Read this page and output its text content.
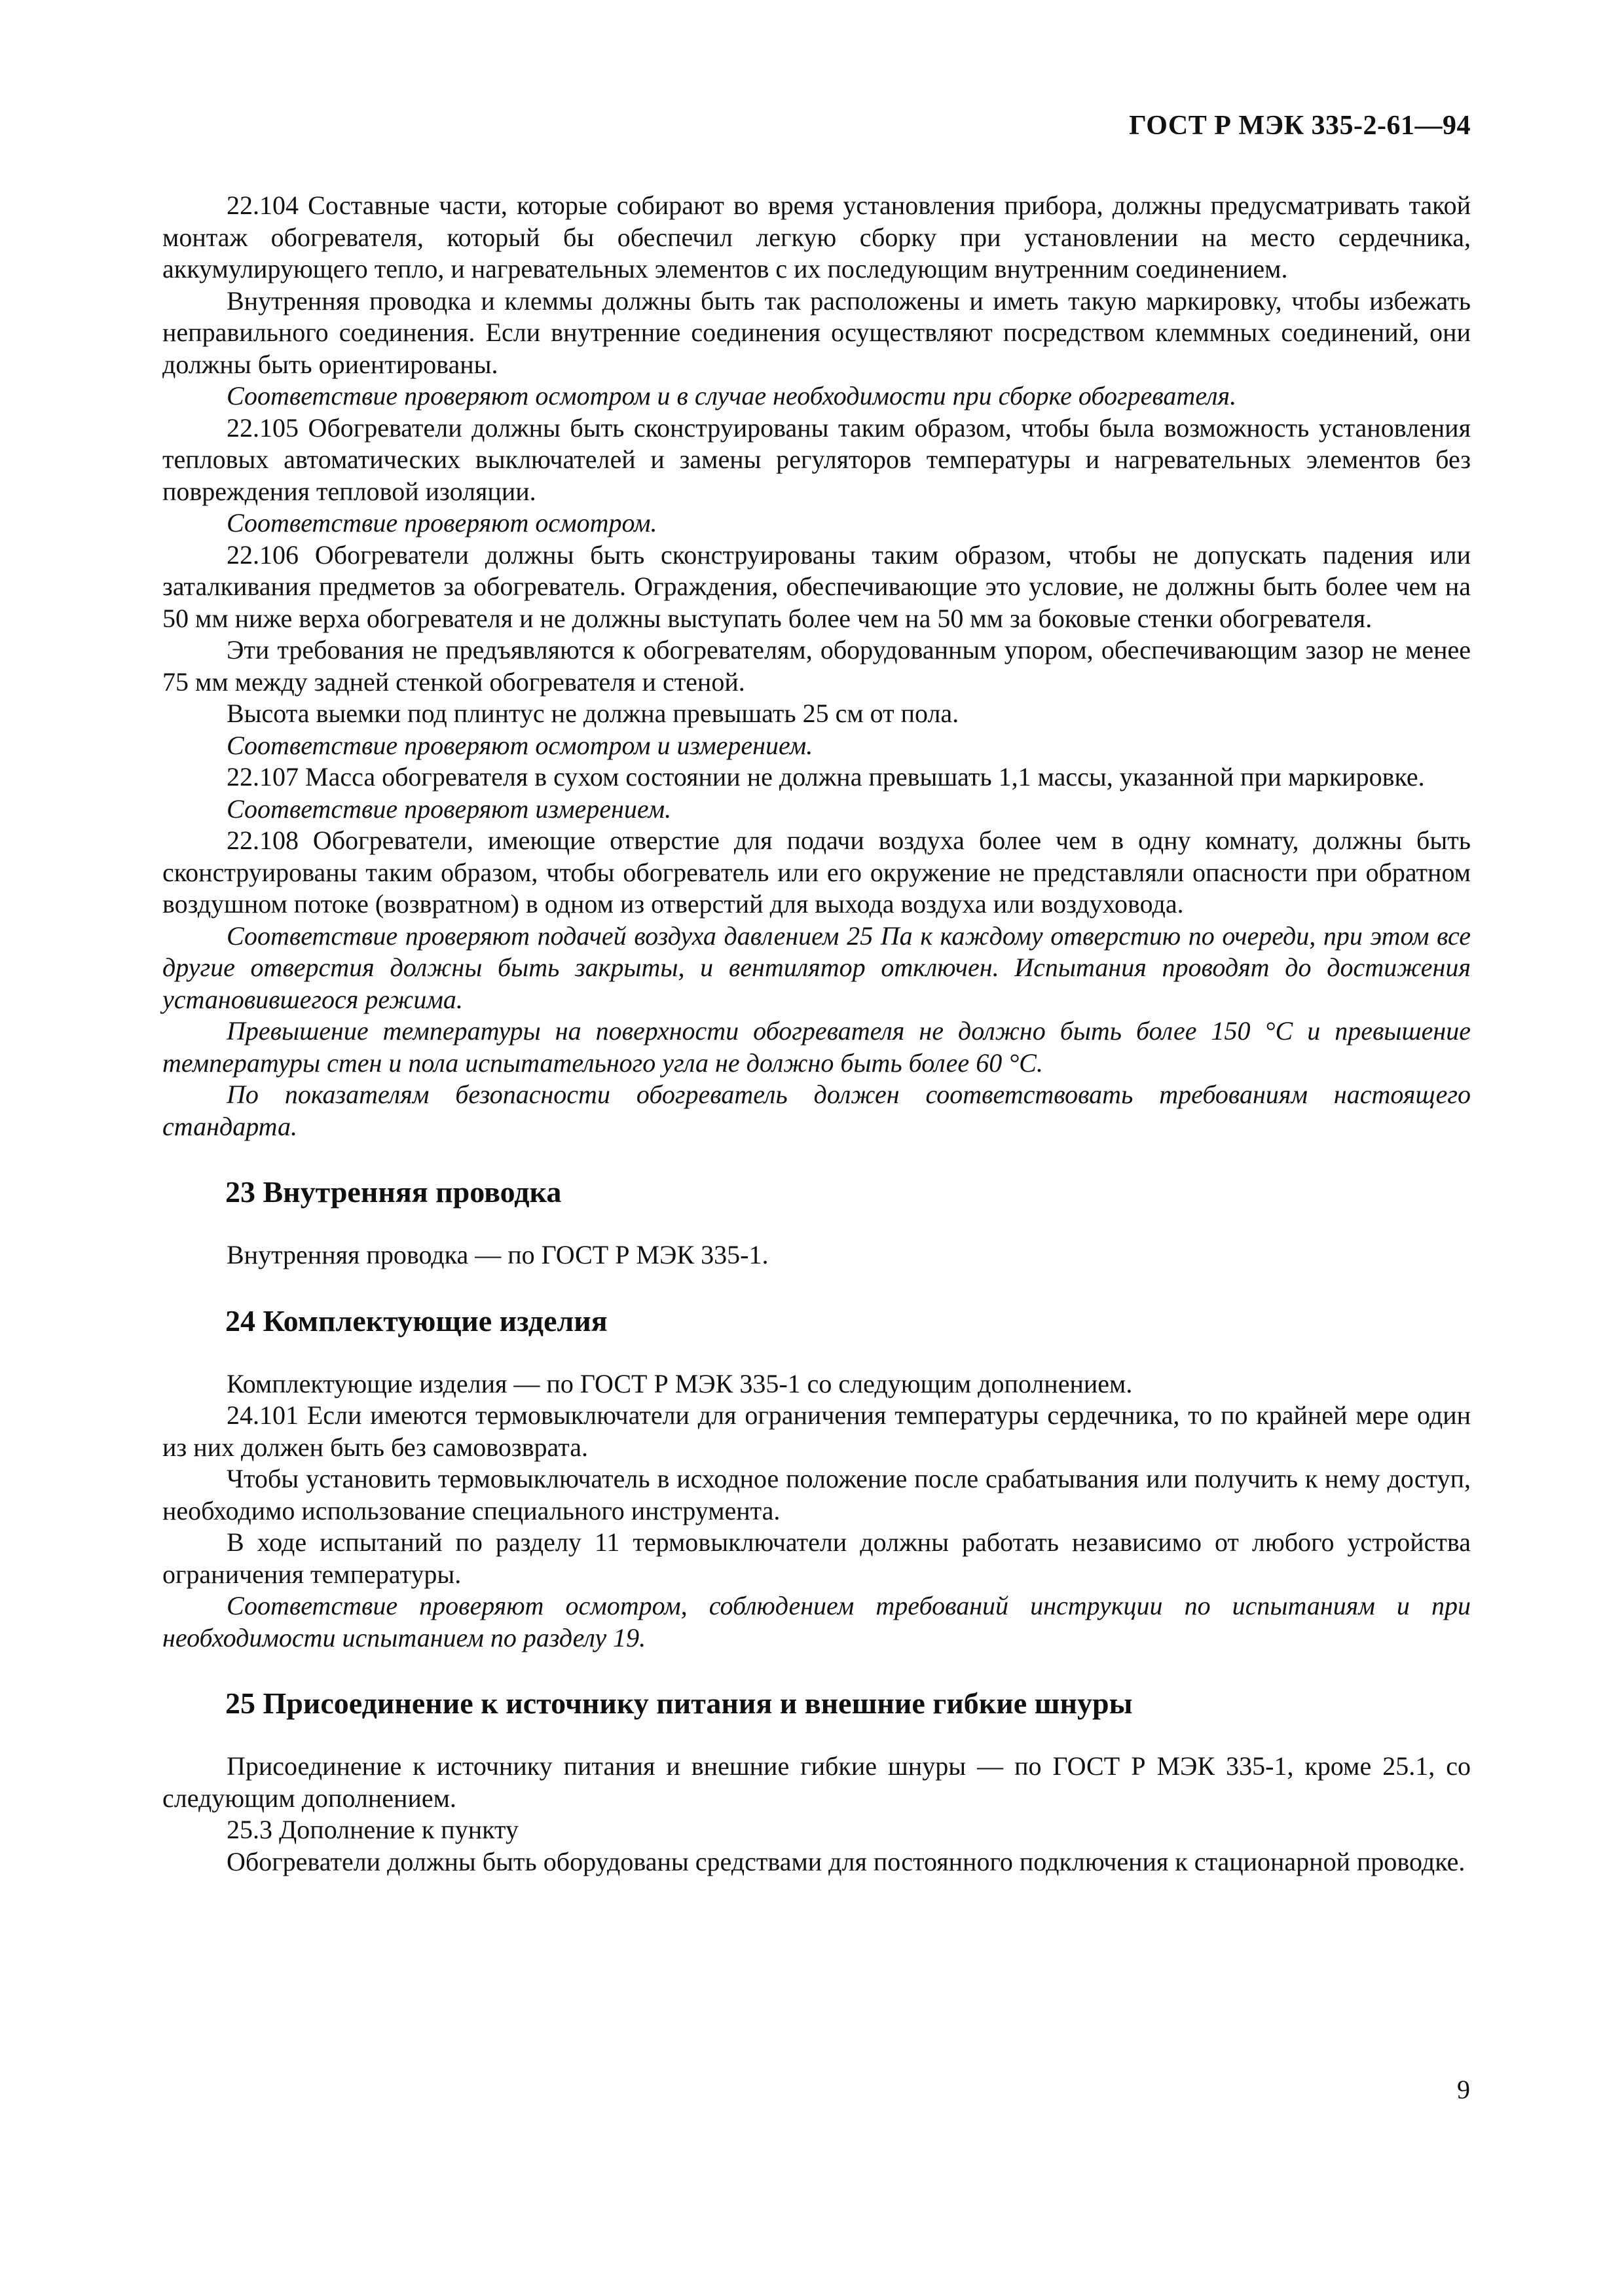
ГОСТ Р МЭК 335-2-61—94

22.104 Составные части, которые собирают во время установления прибора, должны предусматривать такой монтаж обогревателя, который бы обеспечил легкую сборку при установлении на место сердечника, аккумулирующего тепло, и нагревательных элементов с их последующим внутренним соединением.

Внутренняя проводка и клеммы должны быть так расположены и иметь такую маркировку, чтобы избежать неправильного соединения. Если внутренние соединения осуществляют посредством клеммных соединений, они должны быть ориентированы.

Соответствие проверяют осмотром и в случае необходимости при сборке обогревателя.

22.105 Обогреватели должны быть сконструированы таким образом, чтобы была возможность установления тепловых автоматических выключателей и замены регуляторов температуры и нагревательных элементов без повреждения тепловой изоляции.

Соответствие проверяют осмотром.

22.106 Обогреватели должны быть сконструированы таким образом, чтобы не допускать падения или заталкивания предметов за обогреватель. Ограждения, обеспечивающие это условие, не должны быть более чем на 50 мм ниже верха обогревателя и не должны выступать более чем на 50 мм за боковые стенки обогревателя.

Эти требования не предъявляются к обогревателям, оборудованным упором, обеспечивающим зазор не менее 75 мм между задней стенкой обогревателя и стеной.

Высота выемки под плинтус не должна превышать 25 см от пола.

Соответствие проверяют осмотром и измерением.

22.107 Масса обогревателя в сухом состоянии не должна превышать 1,1 массы, указанной при маркировке.

Соответствие проверяют измерением.

22.108 Обогреватели, имеющие отверстие для подачи воздуха более чем в одну комнату, должны быть сконструированы таким образом, чтобы обогреватель или его окружение не представляли опасности при обратном воздушном потоке (возвратном) в одном из отверстий для выхода воздуха или воздуховода.

Соответствие проверяют подачей воздуха давлением 25 Па к каждому отверстию по очереди, при этом все другие отверстия должны быть закрыты, и вентилятор отключен. Испытания проводят до достижения установившегося режима.

Превышение температуры на поверхности обогревателя не должно быть более 150 °С и превышение температуры стен и пола испытательного угла не должно быть более 60 °С.

По показателям безопасности обогреватель должен соответствовать требованиям настоящего стандарта.

23 Внутренняя проводка

Внутренняя проводка — по ГОСТ Р МЭК 335-1.

24 Комплектующие изделия

Комплектующие изделия — по ГОСТ Р МЭК 335-1 со следующим дополнением.

24.101 Если имеются термовыключатели для ограничения температуры сердечника, то по крайней мере один из них должен быть без самовозврата.

Чтобы установить термовыключатель в исходное положение после срабатывания или получить к нему доступ, необходимо использование специального инструмента.

В ходе испытаний по разделу 11 термовыключатели должны работать независимо от любого устройства ограничения температуры.

Соответствие проверяют осмотром, соблюдением требований инструкции по испытаниям и при необходимости испытанием по разделу 19.

25 Присоединение к источнику питания и внешние гибкие шнуры

Присоединение к источнику питания и внешние гибкие шнуры — по ГОСТ Р МЭК 335-1, кроме 25.1, со следующим дополнением.

25.3 Дополнение к пункту

Обогреватели должны быть оборудованы средствами для постоянного подключения к стационарной проводке.

9
